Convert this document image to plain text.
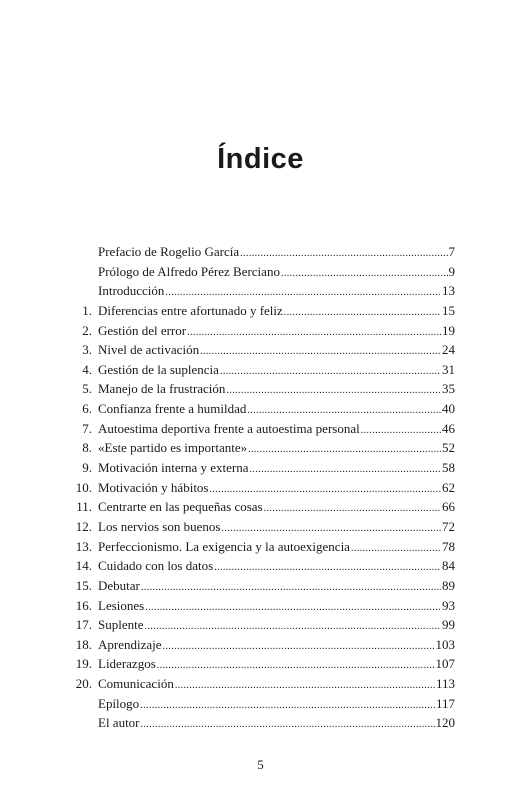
Índice
Prefacio de Rogelio García .....	7
Prólogo de Alfredo Pérez Berciano .....	9
Introducción .....	13
1. Diferencias entre afortunado y feliz .....	15
2. Gestión del error .....	19
3. Nivel de activación .....	24
4. Gestión de la suplencia .....	31
5. Manejo de la frustración .....	35
6. Confianza frente a humildad .....	40
7. Autoestima deportiva frente a autoestima personal .....	46
8. «Este partido es importante» .....	52
9. Motivación interna y externa .....	58
10. Motivación y hábitos .....	62
11. Centrarte en las pequeñas cosas .....	66
12. Los nervios son buenos .....	72
13. Perfeccionismo. La exigencia y la autoexigencia .....	78
14. Cuidado con los datos .....	84
15. Debutar .....	89
16. Lesiones .....	93
17. Suplente .....	99
18. Aprendizaje .....	103
19. Liderazgos .....	107
20. Comunicación .....	113
Epílogo .....	117
El autor .....	120

5
